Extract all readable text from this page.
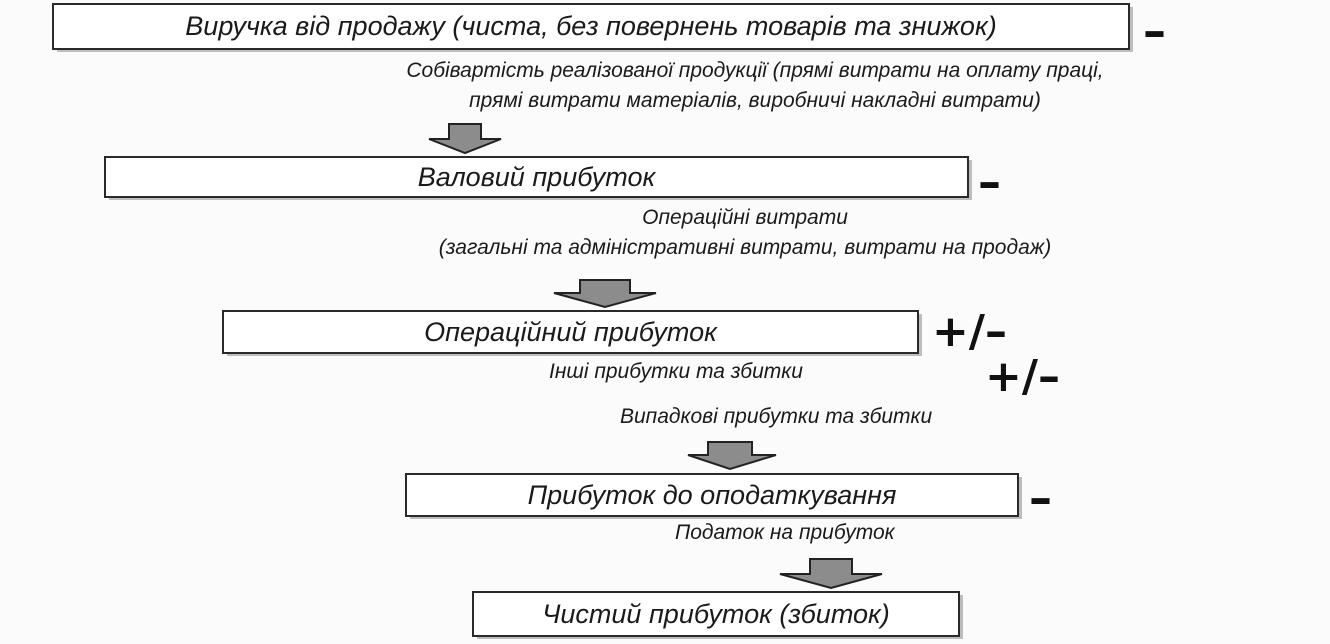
Виручка від продажу (чиста, без повернень товарів та знижок)	–
Собівартість реалізованої продукції (прямі витрати на оплату праці,
прямі витрати матеріалів, виробничі накладні витрати)
Валовий прибуток	–
Операційні витрати
(загальні та адміністративні витрати, витрати на продаж)
Операційний прибуток	+/–
Інші прибутки та збитки	+/–
Випадкові прибутки та збитки
Прибуток до оподаткування	–
Податок на прибуток
Чистий прибуток (збиток)
